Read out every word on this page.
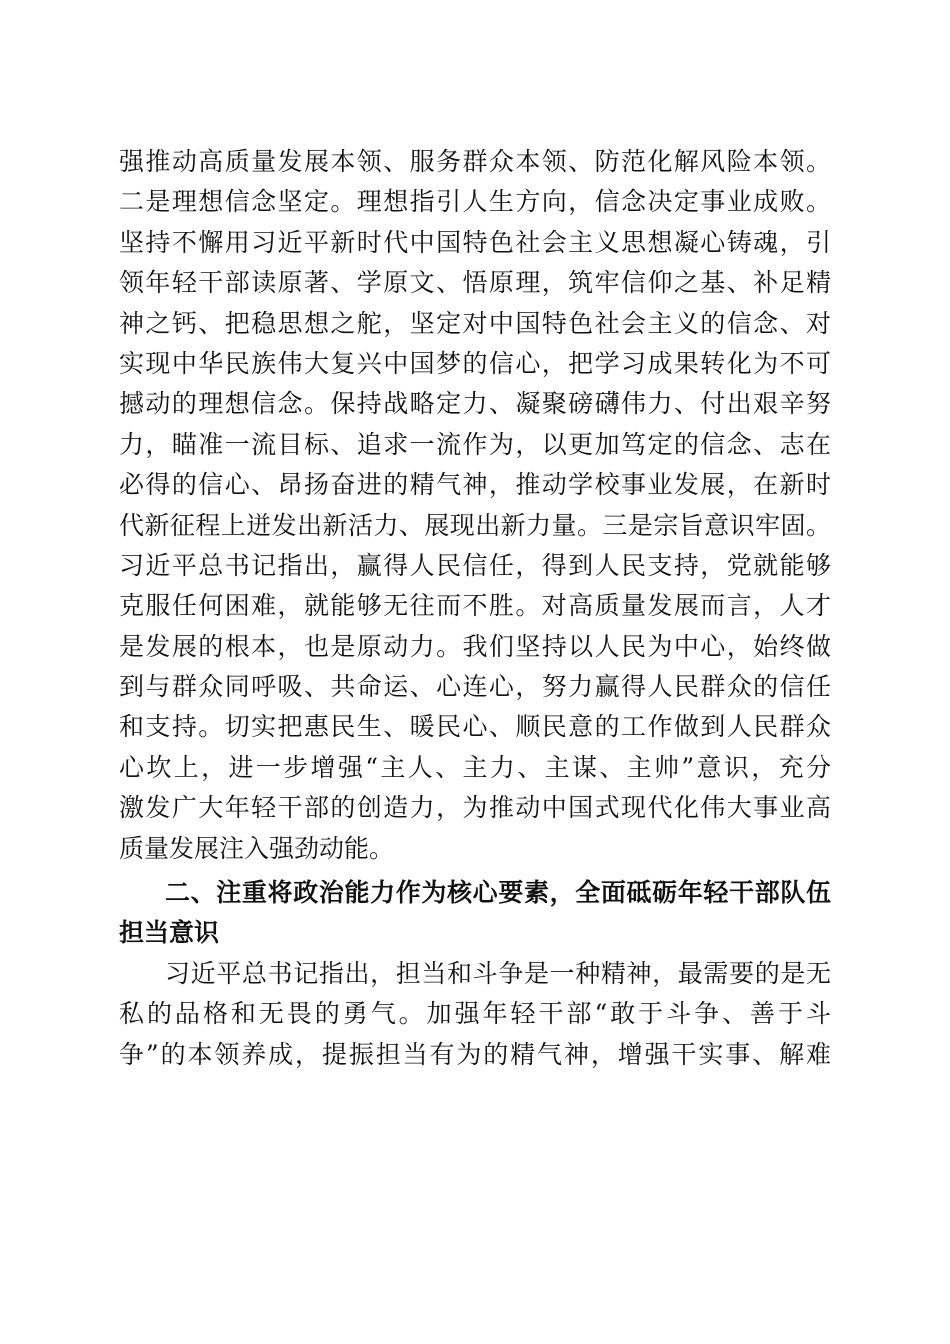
强推动高质量发展本领、服务群众本领、防范化解风险本领。
二是理想信念坚定。理想指引人生方向，信念决定事业成败。
坚持不懈用习近平新时代中国特色社会主义思想凝心铸魂，引
领年轻干部读原著、学原文、悟原理，筑牢信仰之基、补足精
神之钙、把稳思想之舵，坚定对中国特色社会主义的信念、对
实现中华民族伟大复兴中国梦的信心，把学习成果转化为不可
撼动的理想信念。保持战略定力、凝聚磅礴伟力、付出艰辛努
力，瞄准一流目标、追求一流作为，以更加笃定的信念、志在
必得的信心、昂扬奋进的精气神，推动学校事业发展，在新时
代新征程上迸发出新活力、展现出新力量。三是宗旨意识牢固。
习近平总书记指出，赢得人民信任，得到人民支持，党就能够
克服任何困难，就能够无往而不胜。对高质量发展而言，人才
是发展的根本，也是原动力。我们坚持以人民为中心，始终做
到与群众同呼吸、共命运、心连心，努力赢得人民群众的信任
和支持。切实把惠民生、暖民心、顺民意的工作做到人民群众
心坎上，进一步增强“主人、主力、主谋、主帅”意识，充分
激发广大年轻干部的创造力，为推动中国式现代化伟大事业高
质量发展注入强劲动能。
二、注重将政治能力作为核心要素，全面砥砺年轻干部队伍
担当意识
习近平总书记指出，担当和斗争是一种精神，最需要的是无
私的品格和无畏的勇气。加强年轻干部“敢于斗争、善于斗
争”的本领养成，提振担当有为的精气神，增强干实事、解难
